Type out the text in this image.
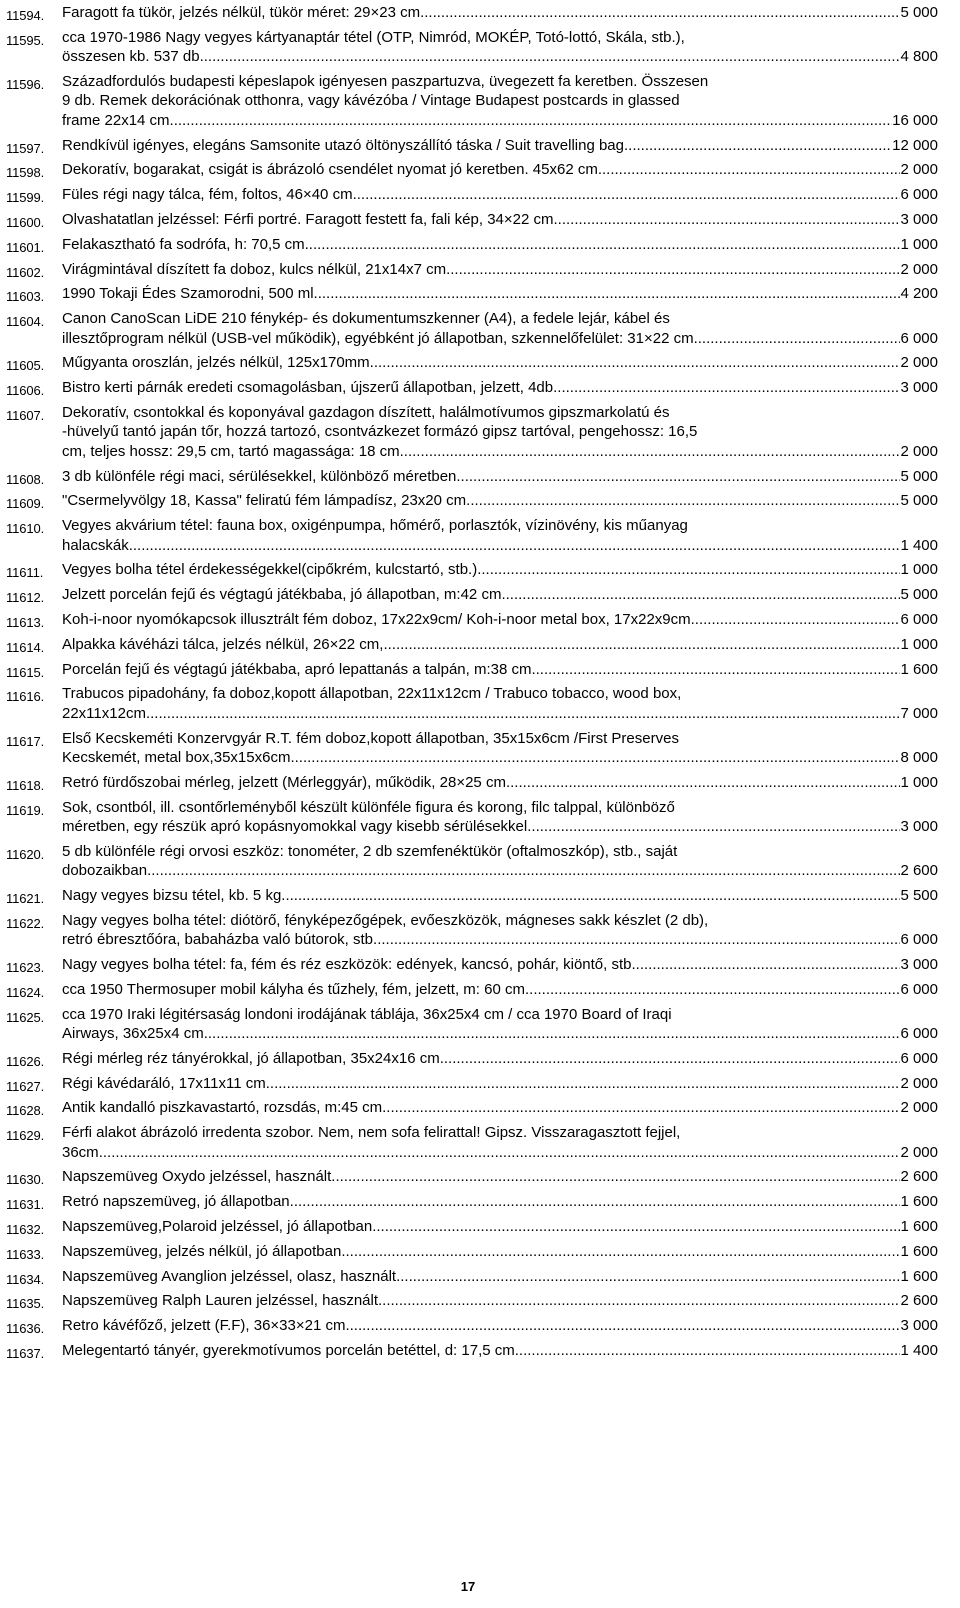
11594. Faragott fa tükör, jelzés nélkül, tükör méret: 29×23 cm .....	5 000
11595. cca 1970-1986 Nagy vegyes kártyanaptár tétel (OTP, Nimród, MOKÉP, Totó-lottó, Skála, stb.),
összesen kb. 537 db .....	4 800
11596. Századfordulós budapesti képeslapok igényesen paszpartuzva, üvegezett fa keretben. Összesen
9 db. Remek dekorációnak otthonra, vagy kávézóba / Vintage Budapest postcards in glassed
frame 22x14 cm .....	16 000
11597. Rendkívül igényes, elegáns Samsonite utazó öltönyszállító táska / Suit travelling bag .....	12 000
11598. Dekoratív, bogarakat, csigát is ábrázoló csendélet nyomat jó keretben. 45x62 cm .....	2 000
11599. Füles régi nagy tálca, fém, foltos, 46×40 cm .....	6 000
11600. Olvashatatlan jelzéssel: Férfi portré. Faragott festett fa, fali kép, 34×22 cm .....	3 000
11601. Felakasztható fa sodrófa, h: 70,5 cm .....	1 000
11602. Virágmintával díszített fa doboz, kulcs nélkül, 21x14x7 cm .....	2 000
11603. 1990 Tokaji Édes Szamorodni, 500 ml .....	4 200
11604. Canon CanoScan LiDE 210 fénykép- és dokumentumszkenner (A4), a fedele lejár, kábel és
illesztőprogram nélkül (USB-vel működik), egyébként jó állapotban, szkennelőfelület: 31×22 cm .....	6 000
11605. Műgyanta oroszlán, jelzés nélkül, 125x170mm .....	2 000
11606. Bistro kerti párnák eredeti csomagolásban, újszerű állapotban, jelzett, 4db .....	3 000
11607. Dekoratív, csontokkal és koponyával gazdagon díszített, halálmotívumos gipszmarkolatú és
-hüvelyű tantó japán tőr, hozzá tartozó, csontvázkezet formázó gipsz tartóval, pengehossz: 16,5
cm, teljes hossz: 29,5 cm, tartó magassága: 18 cm .....	2 000
11608. 3 db különféle régi maci, sérülésekkel, különböző méretben .....	5 000
11609. "Csermelyvölgy 18, Kassa" feliratú fém lámpadísz, 23x20 cm .....	5 000
11610. Vegyes akvárium tétel: fauna box, oxigénpumpa, hőmérő, porlasztók, vízinövény, kis műanyag
halacskák .....	1 400
11611. Vegyes bolha tétel érdekességekkel(cipőkrém, kulcstartó, stb.) .....	1 000
11612. Jelzett porcelán fejű és végtagú játékbaba, jó állapotban, m:42 cm .....	5 000
11613. Koh-i-noor nyomókapcsok illusztrált fém doboz, 17x22x9cm/ Koh-i-noor metal box, 17x22x9cm .....	6 000
11614. Alpakka kávéházi tálca, jelzés nélkül, 26×22 cm, .....	1 000
11615. Porcelán fejű és végtagú játékbaba, apró lepattanás a talpán, m:38 cm .....	1 600
11616. Trabucos pipadohány, fa doboz,kopott állapotban, 22x11x12cm / Trabuco tobacco, wood box,
22x11x12cm .....	7 000
11617. Első Kecskeméti Konzervgyár R.T. fém doboz,kopott állapotban, 35x15x6cm /First Preserves
Kecskemét, metal box,35x15x6cm .....	8 000
11618. Retró fürdőszobai mérleg, jelzett (Mérleggyár), működik, 28×25 cm .....	1 000
11619. Sok, csontból, ill. csontőrleményből készült különféle figura és korong, filc talppal, különböző
méretben, egy részük apró kopásnyomokkal vagy kisebb sérülésekkel. .....	3 000
11620. 5 db különféle régi orvosi eszköz: tonométer, 2 db szemfenéktükör (oftalmoszkóp), stb., saját
dobozaikban .....	2 600
11621. Nagy vegyes bizsu tétel, kb. 5 kg .....	5 500
11622. Nagy vegyes bolha tétel: diótörő, fényképezőgépek, evőeszközök, mágneses sakk készlet (2 db),
retró ébresztőóra, babaházba való bútorok, stb. .....	6 000
11623. Nagy vegyes bolha tétel: fa, fém és réz eszközök: edények, kancsó, pohár, kiöntő, stb. .....	3 000
11624. cca 1950 Thermosuper mobil kályha és tűzhely, fém, jelzett, m: 60 cm .....	6 000
11625. cca 1970 Iraki légitérsaság londoni irodájának táblája, 36x25x4 cm / cca 1970 Board of Iraqi
Airways, 36x25x4 cm .....	6 000
11626. Régi mérleg réz tányérokkal, jó állapotban, 35x24x16 cm .....	6 000
11627. Régi kávédaráló, 17x11x11 cm .....	2 000
11628. Antik kandalló piszkavastartó, rozsdás, m:45 cm .....	2 000
11629. Férfi alakot ábrázoló irredenta szobor. Nem, nem sofa felirattal! Gipsz. Visszaragasztott fejjel,
36cm .....	2 000
11630. Napszemüveg Oxydo jelzéssel, használt .....	2 600
11631. Retró napszemüveg, jó állapotban .....	1 600
11632. Napszemüveg,Polaroid jelzéssel, jó állapotban .....	1 600
11633. Napszemüveg, jelzés nélkül, jó állapotban .....	1 600
11634. Napszemüveg Avanglion jelzéssel, olasz, használt .....	1 600
11635. Napszemüveg Ralph Lauren jelzéssel, használt .....	2 600
11636. Retro kávéfőző, jelzett (F.F), 36×33×21 cm .....	3 000
11637. Melegentartó tányér, gyerekmotívumos porcelán betéttel, d: 17,5 cm .....	1 400
17
